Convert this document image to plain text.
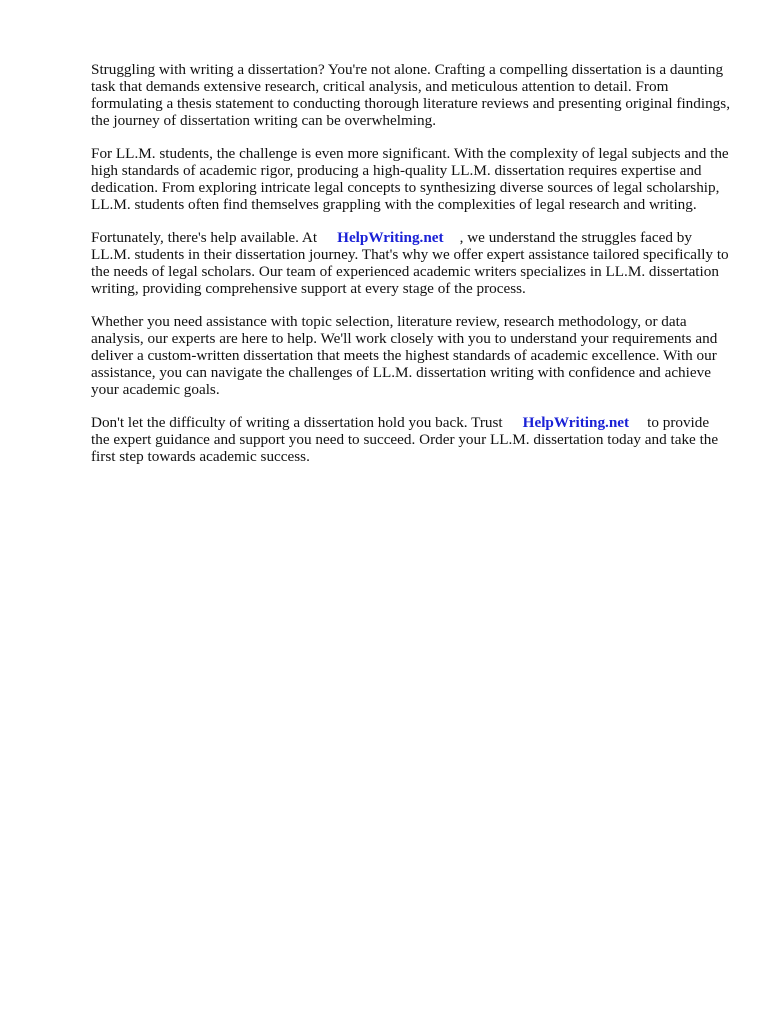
Struggling with writing a dissertation? You're not alone. Crafting a compelling dissertation is a daunting task that demands extensive research, critical analysis, and meticulous attention to detail. From formulating a thesis statement to conducting thorough literature reviews and presenting original findings, the journey of dissertation writing can be overwhelming.

For LL.M. students, the challenge is even more significant. With the complexity of legal subjects and the high standards of academic rigor, producing a high-quality LL.M. dissertation requires expertise and dedication. From exploring intricate legal concepts to synthesizing diverse sources of legal scholarship, LL.M. students often find themselves grappling with the complexities of legal research and writing.

Fortunately, there's help available. At HelpWriting.net , we understand the struggles faced by LL.M. students in their dissertation journey. That's why we offer expert assistance tailored specifically to the needs of legal scholars. Our team of experienced academic writers specializes in LL.M. dissertation writing, providing comprehensive support at every stage of the process.

Whether you need assistance with topic selection, literature review, research methodology, or data analysis, our experts are here to help. We'll work closely with you to understand your requirements and deliver a custom-written dissertation that meets the highest standards of academic excellence. With our assistance, you can navigate the challenges of LL.M. dissertation writing with confidence and achieve your academic goals.

Don't let the difficulty of writing a dissertation hold you back. Trust HelpWriting.net to provide the expert guidance and support you need to succeed. Order your LL.M. dissertation today and take the first step towards academic success.
